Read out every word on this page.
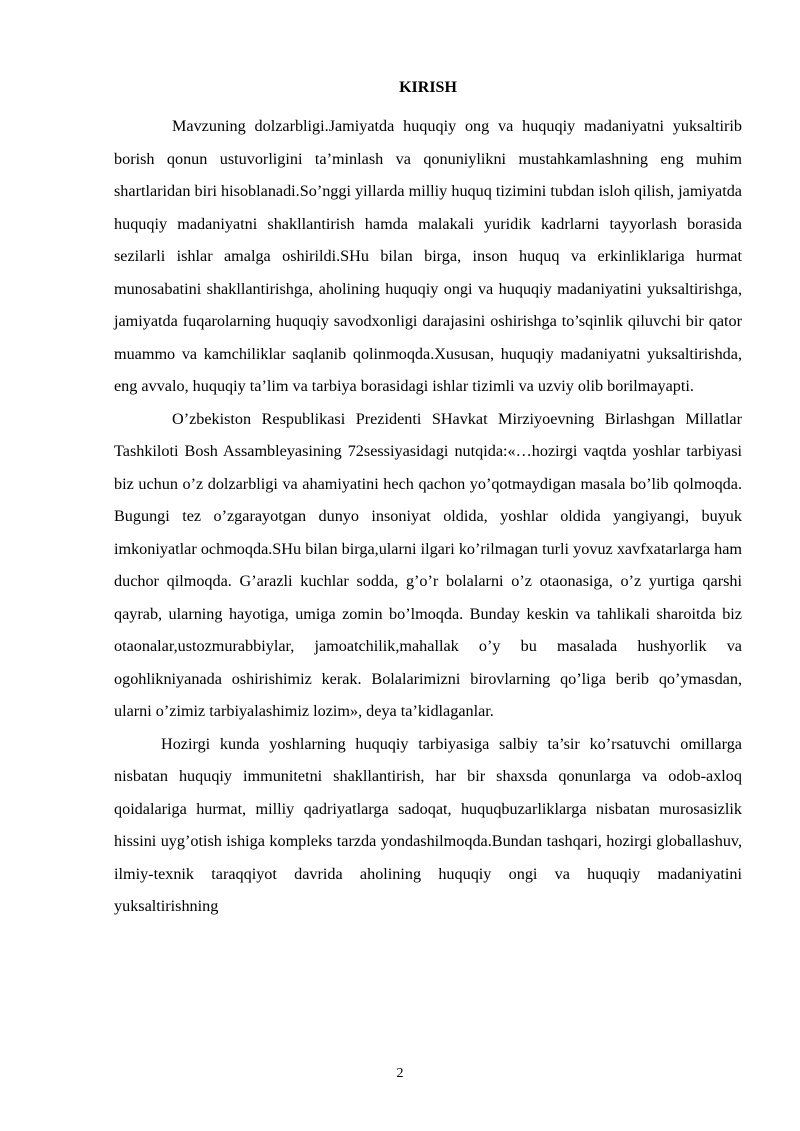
KIRISH

Mavzuning dolzarbligi.Jamiyatda huquqiy ong va huquqiy madaniyatni yuksaltirib borish qonun ustuvorligini ta’minlash va qonuniylikni mustahkamlashning eng muhim shartlaridan biri hisoblanadi.So’nggi yillarda milliy huquq tizimini tubdan isloh qilish, jamiyatda huquqiy madaniyatni shakllantirish hamda malakali yuridik kadrlarni tayyorlash borasida sezilarli ishlar amalga oshirildi.SHu bilan birga, inson huquq va erkinliklariga hurmat munosabatini shakllantirishga, aholining huquqiy ongi va huquqiy madaniyatini yuksaltirishga, jamiyatda fuqarolarning huquqiy savodxonligi darajasini oshirishga to’sqinlik qiluvchi bir qator muammo va kamchiliklar saqlanib qolinmoqda.Xususan, huquqiy madaniyatni yuksaltirishda, eng avvalo, huquqiy ta’lim va tarbiya borasidagi ishlar tizimli va uzviy olib borilmayapti.

O’zbekiston Respublikasi Prezidenti SHavkat Mirziyoevning Birlashgan Millatlar Tashkiloti Bosh Assambleyasining 72sessiyasidagi nutqida:«…hozirgi vaqtda yoshlar tarbiyasi biz uchun o’z dolzarbligi va ahamiyatini hech qachon yo’qotmaydigan masala bo’lib qolmoqda. Bugungi tez o’zgarayotgan dunyo insoniyat oldida, yoshlar oldida yangiyangi, buyuk imkoniyatlar ochmoqda.SHu bilan birga,ularni ilgari ko’rilmagan turli yovuz xavfxatarlarga ham duchor qilmoqda. G’arazli kuchlar sodda, g’o’r bolalarni o’z otaonasiga, o’z yurtiga qarshi qayrab, ularning hayotiga, umiga zomin bo’lmoqda. Bunday keskin va tahlikali sharoitda biz otaonalar,ustozmurabbiylar, jamoatchilik,mahallak o’y bu masalada hushyorlik va ogohlikniyanada oshirishimiz kerak. Bolalarimizni birovlarning qo’liga berib qo’ymasdan, ularni o’zimiz tarbiyalashimiz lozim», deya ta’kidlaganlar.

Hozirgi kunda yoshlarning huquqiy tarbiyasiga salbiy ta’sir ko’rsatuvchi omillarga nisbatan huquqiy immunitetni shakllantirish, har bir shaxsda qonunlarga va odob-axloq qoidalariga hurmat, milliy qadriyatlarga sadoqat, huquqbuzarliklarga nisbatan murosasizlik hissini uyg’otish ishiga kompleks tarzda yondashilmoqda.Bundan tashqari, hozirgi globallashuv, ilmiy-texnik taraqqiyot davrida aholining huquqiy ongi va huquqiy madaniyatini yuksaltirishning

2
